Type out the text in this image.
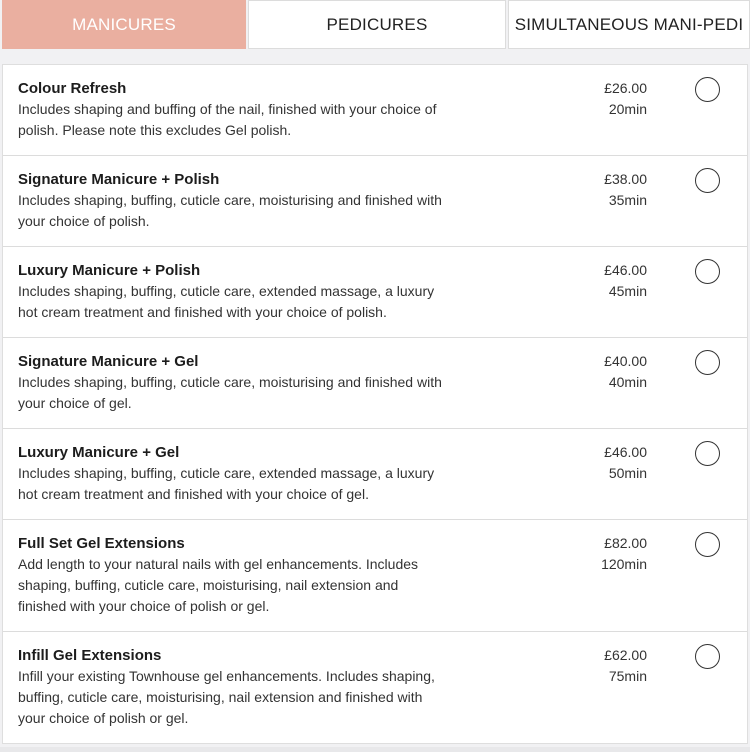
MANICURES	PEDICURES	SIMULTANEOUS MANI-PEDI
Colour Refresh
Includes shaping and buffing of the nail, finished with your choice of polish. Please note this excludes Gel polish.
£26.00
20min
Signature Manicure + Polish
Includes shaping, buffing, cuticle care, moisturising and finished with your choice of polish.
£38.00
35min
Luxury Manicure + Polish
Includes shaping, buffing, cuticle care, extended massage, a luxury hot cream treatment and finished with your choice of polish.
£46.00
45min
Signature Manicure + Gel
Includes shaping, buffing, cuticle care, moisturising and finished with your choice of gel.
£40.00
40min
Luxury Manicure + Gel
Includes shaping, buffing, cuticle care, extended massage, a luxury hot cream treatment and finished with your choice of gel.
£46.00
50min
Full Set Gel Extensions
Add length to your natural nails with gel enhancements. Includes shaping, buffing, cuticle care, moisturising, nail extension and finished with your choice of polish or gel.
£82.00
120min
Infill Gel Extensions
Infill your existing Townhouse gel enhancements. Includes shaping, buffing, cuticle care, moisturising, nail extension and finished with your choice of polish or gel.
£62.00
75min
